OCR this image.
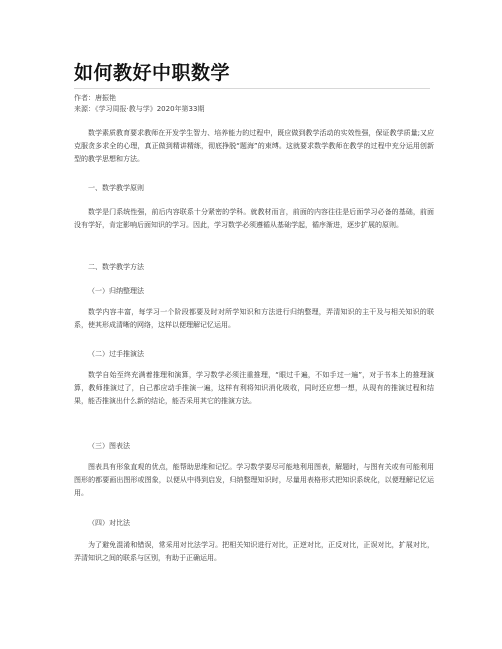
如何教好中职数学
作者：唐振艳
来源：《学习周报·教与学》2020年第33期

数学素质教育要求教师在开发学生智力、培养能力的过程中，既应做到教学活动的实效性强，保证教学质量;又应克服贪多求全的心理，真正做到精讲精练，彻底挣脱“题海”的束缚。这就要求数学教师在教学的过程中充分运用创新型的教学思想和方法。

一、数学教学原则

数学是门系统性强，前后内容联系十分紧密的学科。就教材而言，前面的内容往往是后面学习必备的基础，前面没有学好，肯定影响后面知识的学习。因此，学习数学必须遵循从基础学起，循序渐进，逐步扩展的原则。

二、数学教学方法
（一）归纳整理法

数学内容丰富，每学习一个阶段都要及时对所学知识和方法进行归纳整理，弄清知识的主干及与相关知识的联系，使其形成清晰的网络，这样以便理解记忆运用。

（二）过手推演法

数学自始至终充满着推理和演算，学习数学必须注重推理，“眼过千遍，不如手过一遍”，对于书本上的推理演算，教师推演过了，自己都应动手推演一遍，这样有利将知识消化吸收，同时还应想一想，从现有的推演过程和结果，能否推演出什么新的结论，能否采用其它的推演方法。

（三）图表法

图表具有形象直观的优点，能帮助思维和记忆。学习数学要尽可能地利用图表，解题时，与图有关或有可能利用图形的都要画出图形或图象，以便从中得到启发，归纳整理知识时，尽量用表格形式把知识系统化，以便理解记忆运用。

（四）对比法

为了避免混淆和错误，常采用对比法学习。把相关知识进行对比，正逆对比，正反对比，正误对比，扩展对比，弄清知识之间的联系与区别，有助于正确运用。
